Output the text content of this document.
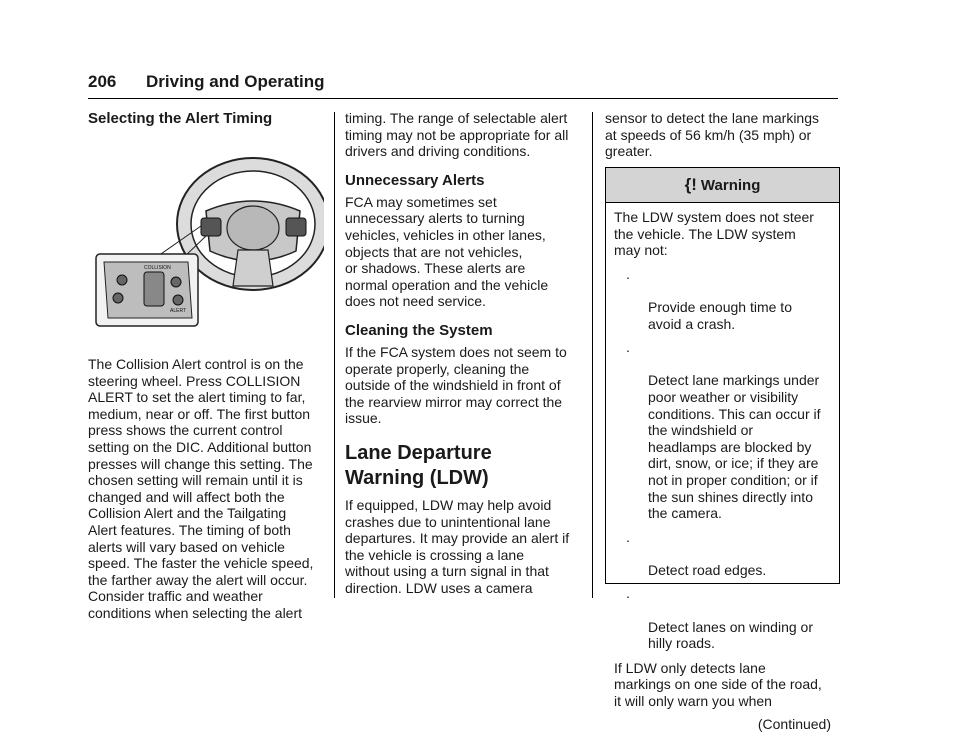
206 Driving and Operating

Selecting the Alert Timing

COLLISION
ALERT

The Collision Alert control is on the
steering wheel. Press COLLISION
ALERT to set the alert timing to far,
medium, near or off. The first button
press shows the current control
setting on the DIC. Additional button
presses will change this setting. The
chosen setting will remain until it is
changed and will affect both the
Collision Alert and the Tailgating
Alert features. The timing of both
alerts will vary based on vehicle
speed. The faster the vehicle speed,
the farther away the alert will occur.
Consider traffic and weather
conditions when selecting the alert

timing. The range of selectable alert
timing may not be appropriate for all
drivers and driving conditions.

Unnecessary Alerts

FCA may sometimes set
unnecessary alerts to turning
vehicles, vehicles in other lanes,
objects that are not vehicles,
or shadows. These alerts are
normal operation and the vehicle
does not need service.

Cleaning the System

If the FCA system does not seem to
operate properly, cleaning the
outside of the windshield in front of
the rearview mirror may correct the
issue.

Lane Departure

Warning (LDW)

If equipped, LDW may help avoid
crashes due to unintentional lane
departures. It may provide an alert if
the vehicle is crossing a lane
without using a turn signal in that
direction. LDW uses a camera

sensor to detect the lane markings
at speeds of 56 km/h (35 mph) or
greater.

{! Warning

The LDW system does not steer
the vehicle. The LDW system
may not:

.

Provide enough time to
avoid a crash.

.

Detect lane markings under
poor weather or visibility
conditions. This can occur if
the windshield or
headlamps are blocked by
dirt, snow, or ice; if they are
not in proper condition; or if
the sun shines directly into
the camera.

.

Detect road edges.

.

Detect lanes on winding or
hilly roads.

If LDW only detects lane
markings on one side of the road,
it will only warn you when

(Continued)
